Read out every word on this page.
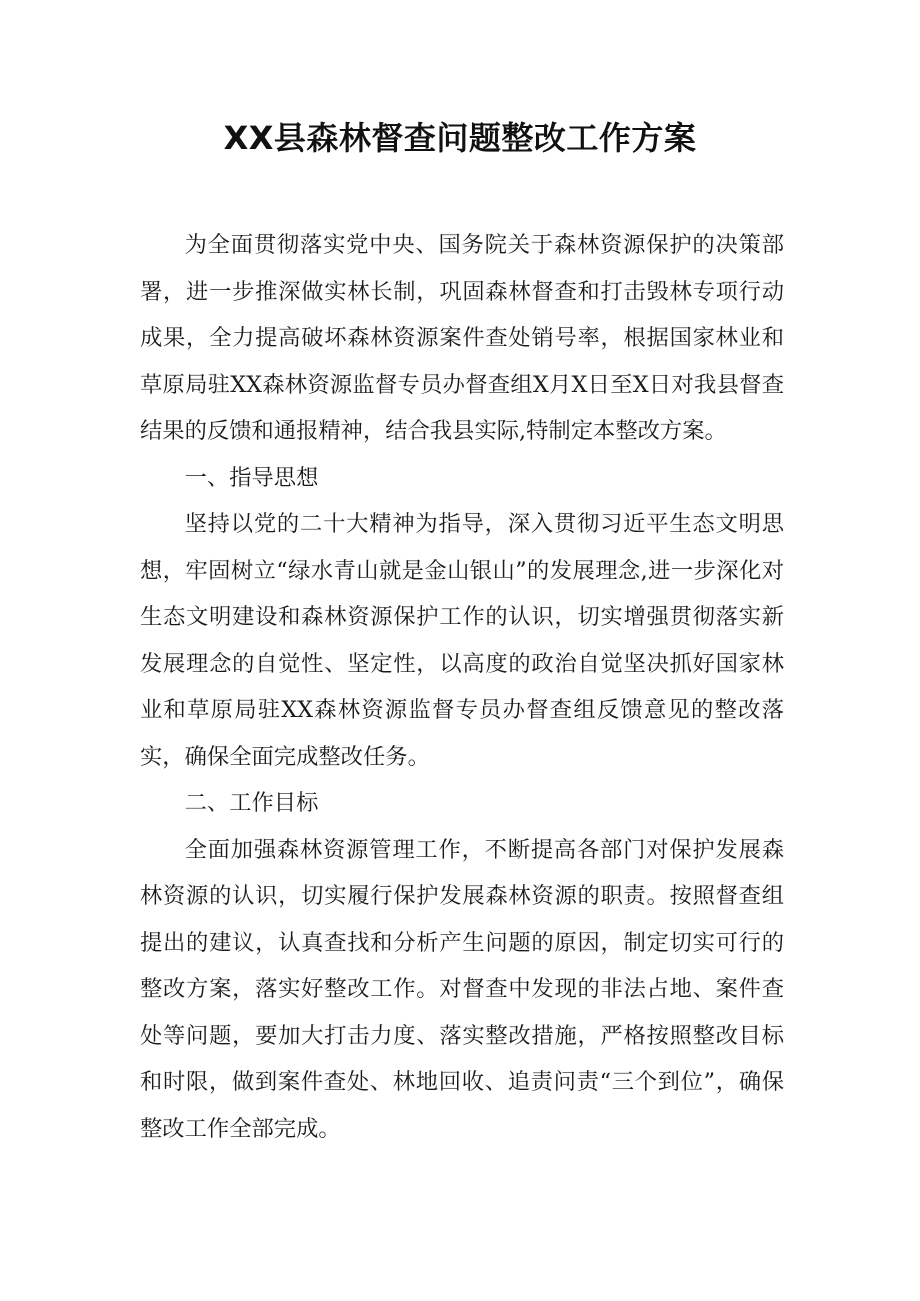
XX县森林督查问题整改工作方案

为全面贯彻落实党中央、国务院关于森林资源保护的决策部署，进一步推深做实林长制，巩固森林督查和打击毁林专项行动成果，全力提高破坏森林资源案件查处销号率，根据国家林业和草原局驻XX森林资源监督专员办督查组X月X日至X日对我县督查结果的反馈和通报精神，结合我县实际,特制定本整改方案。

一、指导思想

坚持以党的二十大精神为指导，深入贯彻习近平生态文明思想，牢固树立“绿水青山就是金山银山”的发展理念,进一步深化对生态文明建设和森林资源保护工作的认识，切实增强贯彻落实新发展理念的自觉性、坚定性，以高度的政治自觉坚决抓好国家林业和草原局驻XX森林资源监督专员办督查组反馈意见的整改落实，确保全面完成整改任务。

二、工作目标

全面加强森林资源管理工作，不断提高各部门对保护发展森林资源的认识，切实履行保护发展森林资源的职责。按照督查组提出的建议，认真查找和分析产生问题的原因，制定切实可行的整改方案，落实好整改工作。对督查中发现的非法占地、案件查处等问题，要加大打击力度、落实整改措施，严格按照整改目标和时限，做到案件查处、林地回收、追责问责“三个到位”，确保整改工作全部完成。
